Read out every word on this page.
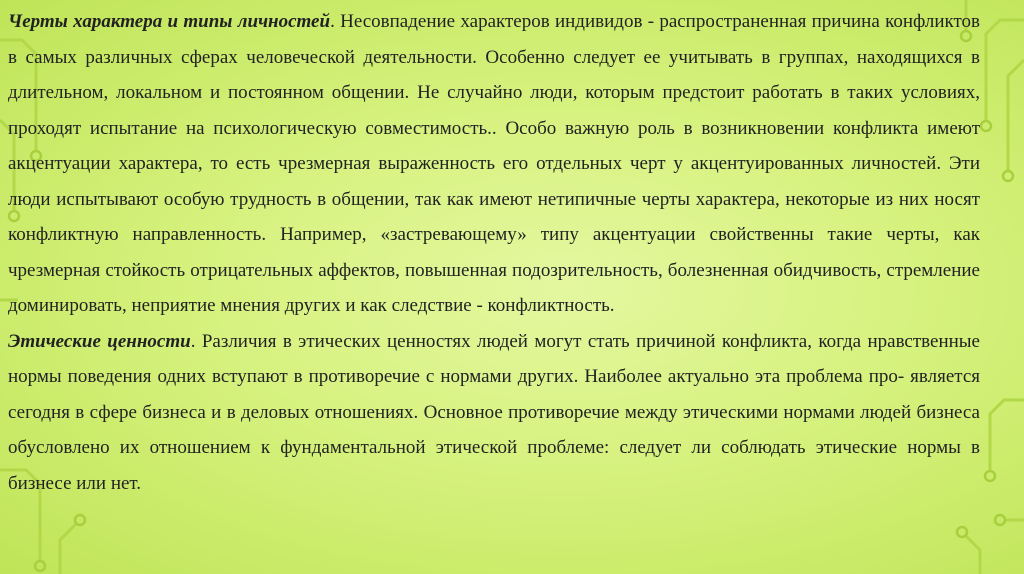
Черты характера и типы личностей. Несовпадение характеров индивидов - распространенная причина конфликтов в самых различных сферах человеческой деятельности. Особенно следует ее учитывать в группах, находящихся в длительном, локальном и постоянном общении. Не случайно люди, которым предстоит работать в таких условиях, проходят испытание на психологическую совместимость.. Особо важную роль в возникновении конфликта имеют акцентуации характера, то есть чрезмерная выраженность его отдельных черт у акцентуированных личностей. Эти люди испытывают особую трудность в общении, так как имеют нетипичные черты характера, некоторые из них носят конфликтную направленность. Например, «застревающему» типу акцентуации свойственны такие черты, как чрезмерная стойкость отрицательных аффектов, повышенная подозрительность, болезненная обидчивость, стремление доминировать, неприятие мнения других и как следствие - конфликтность.

Этические ценности. Различия в этических ценностях людей могут стать причиной конфликта, когда нравственные нормы поведения одних вступают в противоречие с нормами других. Наиболее актуально эта проблема про- является сегодня в сфере бизнеса и в деловых отношениях. Основное противоречие между этическими нормами людей бизнеса обусловлено их отношением к фундаментальной этической проблеме: следует ли соблюдать этические нормы в бизнесе или нет.
